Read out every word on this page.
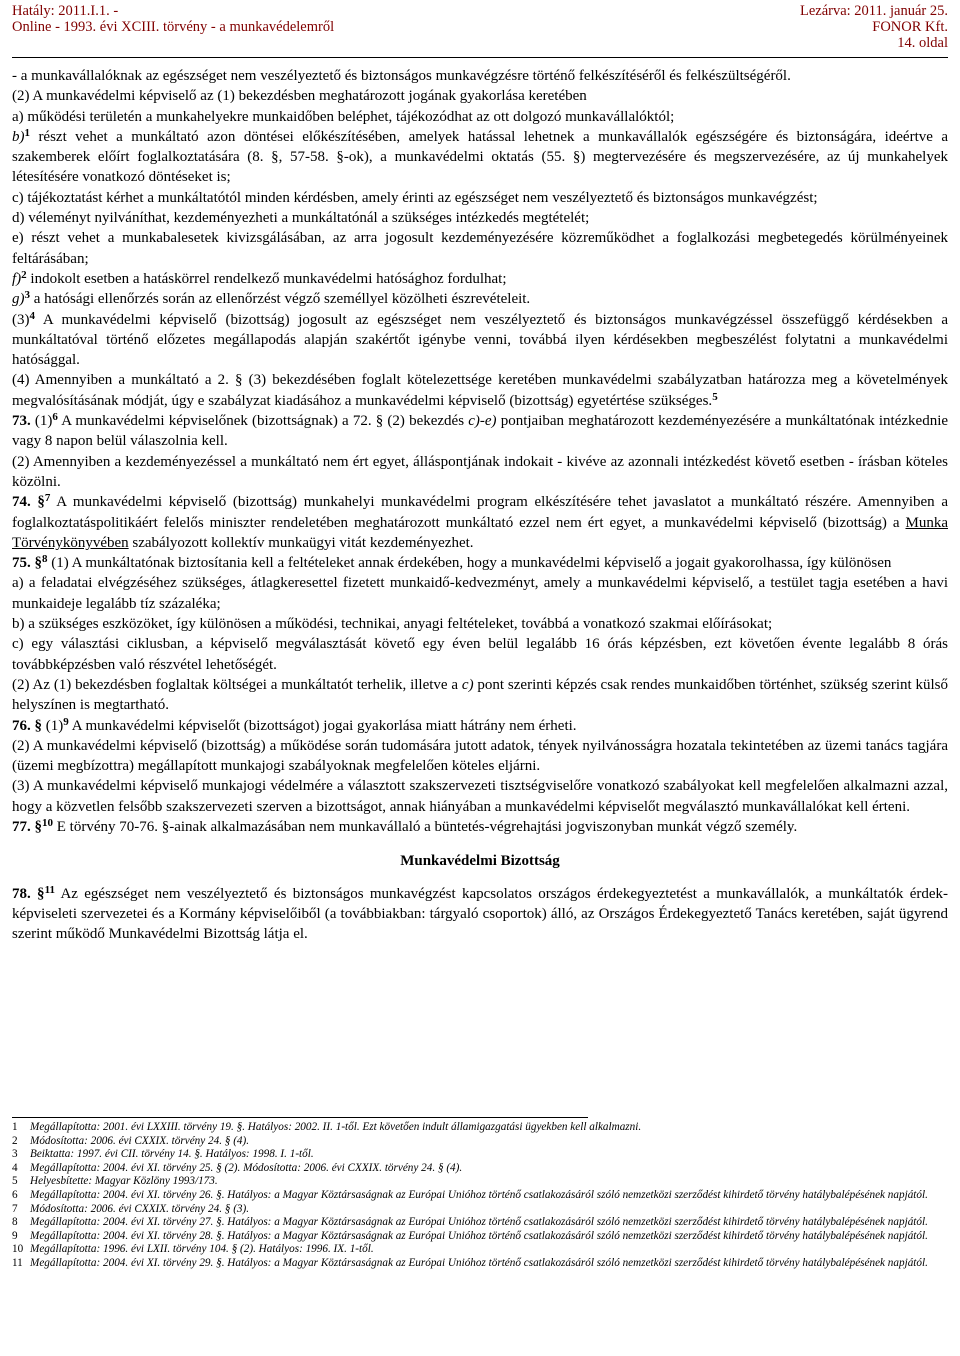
Hatály: 2011.I.1. -
Online - 1993. évi XCIII. törvény - a munkavédelemről
Lezárva: 2011. január 25.
FONOR Kft.
14. oldal

- a munkavállalóknak az egészséget nem veszélyeztető és biztonságos munkavégzésre történő felkészítéséről és felkészültségéről.

(2) A munkavédelmi képviselő az (1) bekezdésben meghatározott jogának gyakorlása keretében

a) működési területén a munkahelyekre munkaidőben beléphet, tájékozódhat az ott dolgozó munkavállalóktól;

b)$^1$ részt vehet a munkáltató azon döntései előkészítésében, amelyek hatással lehetnek a munkavállalók egészségére és biztonságára, ideértve a szakemberek előírt foglalkoztatására (8. §, 57-58. §-ok), a munkavédelmi oktatás (55. §) megtervezésére és megszervezésére, az új munkahelyek létesítésére vonatkozó döntéseket is;

c) tájékoztatást kérhet a munkáltatótól minden kérdésben, amely érinti az egészséget nem veszélyeztető és biztonságos munkavégzést;

d) véleményt nyilváníthat, kezdeményezheti a munkáltatónál a szükséges intézkedés megtételét;

e) részt vehet a munkabalesetek kivizsgálásában, az arra jogosult kezdeményezésére közreműködhet a foglalkozási megbetegedés körülményeinek feltárásában;

f)$^2$ indokolt esetben a hatáskörrel rendelkező munkavédelmi hatósághoz fordulhat;

g)$^3$ a hatósági ellenőrzés során az ellenőrzést végző személlyel közölheti észrevételeit.

$(3)^4$ A munkavédelmi képviselő (bizottság) jogosult az egészséget nem veszélyeztető és biztonságos munkavégzéssel összefüggő kérdésekben a munkáltatóval történő előzetes megállapodás alapján szakértőt igénybe venni, továbbá ilyen kérdésekben megbeszélést folytatni a munkavédelmi hatósággal.

(4) Amennyiben a munkáltató a 2. § (3) bekezdésében foglalt kötelezettsége keretében munkavédelmi szabályzatban határozza meg a követelmények megvalósításának módját, úgy e szabályzat kiadásához a munkavédelmi képviselő (bizottság) egyetértése szükséges.$^5$

73. $(1)^6$ A munkavédelmi képviselőnek (bizottságnak) a 72. § (2) bekezdés c)-e) pontjaiban meghatározott kezdeményezésére a munkáltatónak intézkednie vagy 8 napon belül válaszolnia kell.

(2) Amennyiben a kezdeményezéssel a munkáltató nem ért egyet, álláspontjának indokait - kivéve az azonnali intézkedést követő esetben - írásban köteles közölni.

74. §$^7$ A munkavédelmi képviselő (bizottság) munkahelyi munkavédelmi program elkészítésére tehet javaslatot a munkáltató részére. Amennyiben a foglalkoztatáspolitikáért felelős miniszter rendeletében meghatározott munkáltató ezzel nem ért egyet, a munkavédelmi képviselő (bizottság) a Munka Törvénykönyvében szabályozott kollektív munkaügyi vitát kezdeményezhet.

75. §$^8$ (1) A munkáltatónak biztosítania kell a feltételeket annak érdekében, hogy a munkavédelmi képviselő a jogait gyakorolhassa, így különösen

a) a feladatai elvégzéséhez szükséges, átlagkeresettel fizetett munkaidő-kedvezményt, amely a munkavédelmi képviselő, a testület tagja esetében a havi munkaideje legalább tíz százaléka;

b) a szükséges eszközöket, így különösen a működési, technikai, anyagi feltételeket, továbbá a vonatkozó szakmai előírásokat;

c) egy választási ciklusban, a képviselő megválasztását követő egy éven belül legalább 16 órás képzésben, ezt követően évente legalább 8 órás továbbképzésben való részvétel lehetőségét.

(2) Az (1) bekezdésben foglaltak költségei a munkáltatót terhelik, illetve a c) pont szerinti képzés csak rendes munkaidőben történhet, szükség szerint külső helyszínen is megtartható.

76. § $(1)^9$ A munkavédelmi képviselőt (bizottságot) jogai gyakorlása miatt hátrány nem érheti.

(2) A munkavédelmi képviselő (bizottság) a működése során tudomására jutott adatok, tények nyilvánosságra hozatala tekintetében az üzemi tanács tagjára (üzemi megbízottra) megállapított munkajogi szabályoknak megfelelően köteles eljárni.

(3) A munkavédelmi képviselő munkajogi védelmére a választott szakszervezeti tisztségviselőre vonatkozó szabályokat kell megfelelően alkalmazni azzal, hogy a közvetlen felsőbb szakszervezeti szerven a bizottságot, annak hiányában a munkavédelmi képviselőt megválasztó munkavállalókat kell érteni.

77. §$^{10}$ E törvény 70-76. §-ainak alkalmazásában nem munkavállaló a büntetés-végrehajtási jogviszonyban munkát végző személy.

Munkavédelmi Bizottság

78. §$^{11}$ Az egészséget nem veszélyeztető és biztonságos munkavégzést kapcsolatos országos érdekegyeztetést a munkavállalók, a munkáltatók érdek-képviseleti szervezetei és a Kormány képviselőiből (a továbbiakban: tárgyaló csoportok) álló, az Országos Érdekegyeztető Tanács keretében, saját ügyrend szerint működő Munkavédelmi Bizottság látja el.

1 Megállapította: 2001. évi LXXIII. törvény 19. §. Hatályos: 2002. II. 1-től. Ezt követően indult államigazgatási ügyekben kell alkalmazni.

2 Módosította: 2006. évi CXXIX. törvény 24. § (4).

3 Beiktatta: 1997. évi CII. törvény 14. §. Hatályos: 1998. I. 1-től.

4 Megállapította: 2004. évi XI. törvény 25. § (2). Módosította: 2006. évi CXXIX. törvény 24. § (4).

5 Helyesbítette: Magyar Közlöny 1993/173.

6 Megállapította: 2004. évi XI. törvény 26. §. Hatályos: a Magyar Köztársaságnak az Európai Unióhoz történő csatlakozásáról szóló nemzetközi szerződést kihirdető törvény hatálybalépésének napjától.

7 Módosította: 2006. évi CXXIX. törvény 24. § (3).

8 Megállapította: 2004. évi XI. törvény 27. §. Hatályos: a Magyar Köztársaságnak az Európai Unióhoz történő csatlakozásáról szóló nemzetközi szerződést kihirdető törvény hatálybalépésének napjától.

9 Megállapította: 2004. évi XI. törvény 28. §. Hatályos: a Magyar Köztársaságnak az Európai Unióhoz történő csatlakozásáról szóló nemzetközi szerződést kihirdető törvény hatálybalépésének napjától.

10 Megállapította: 1996. évi LXII. törvény 104. § (2). Hatályos: 1996. IX. 1-től.

11 Megállapította: 2004. évi XI. törvény 29. §. Hatályos: a Magyar Köztársaságnak az Európai Unióhoz történő csatlakozásáról szóló nemzetközi szerződést kihirdető törvény hatálybalépésének napjától.
